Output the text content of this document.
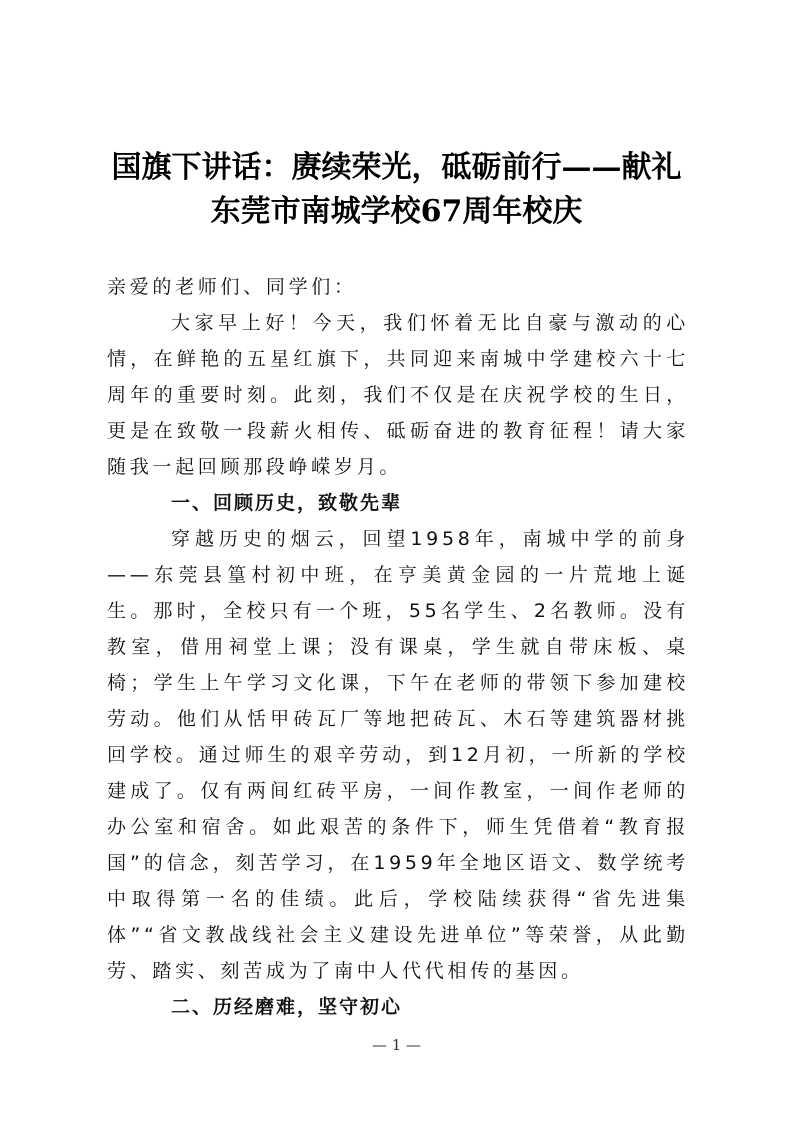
国旗下讲话：赓续荣光，砥砺前行——献礼东莞市南城学校67周年校庆

亲爱的老师们、同学们：

大家早上好！今天，我们怀着无比自豪与激动的心情，在鲜艳的五星红旗下，共同迎来南城中学建校六十七周年的重要时刻。此刻，我们不仅是在庆祝学校的生日，更是在致敬一段薪火相传、砥砺奋进的教育征程！请大家随我一起回顾那段峥嵘岁月。

一、回顾历史，致敬先辈

穿越历史的烟云，回望1958年，南城中学的前身——东莞县篁村初中班，在亨美黄金园的一片荒地上诞生。那时，全校只有一个班，55名学生、2名教师。没有教室，借用祠堂上课；没有课桌，学生就自带床板、桌椅；学生上午学习文化课，下午在老师的带领下参加建校劳动。他们从恬甲砖瓦厂等地把砖瓦、木石等建筑器材挑回学校。通过师生的艰辛劳动，到12月初，一所新的学校建成了。仅有两间红砖平房，一间作教室，一间作老师的办公室和宿舍。如此艰苦的条件下，师生凭借着“教育报国”的信念，刻苦学习，在1959年全地区语文、数学统考中取得第一名的佳绩。此后，学校陆续获得“省先进集体”“省文教战线社会主义建设先进单位”等荣誉，从此勤劳、踏实、刻苦成为了南中人代代相传的基因。

二、历经磨难，坚守初心

— 1 —
